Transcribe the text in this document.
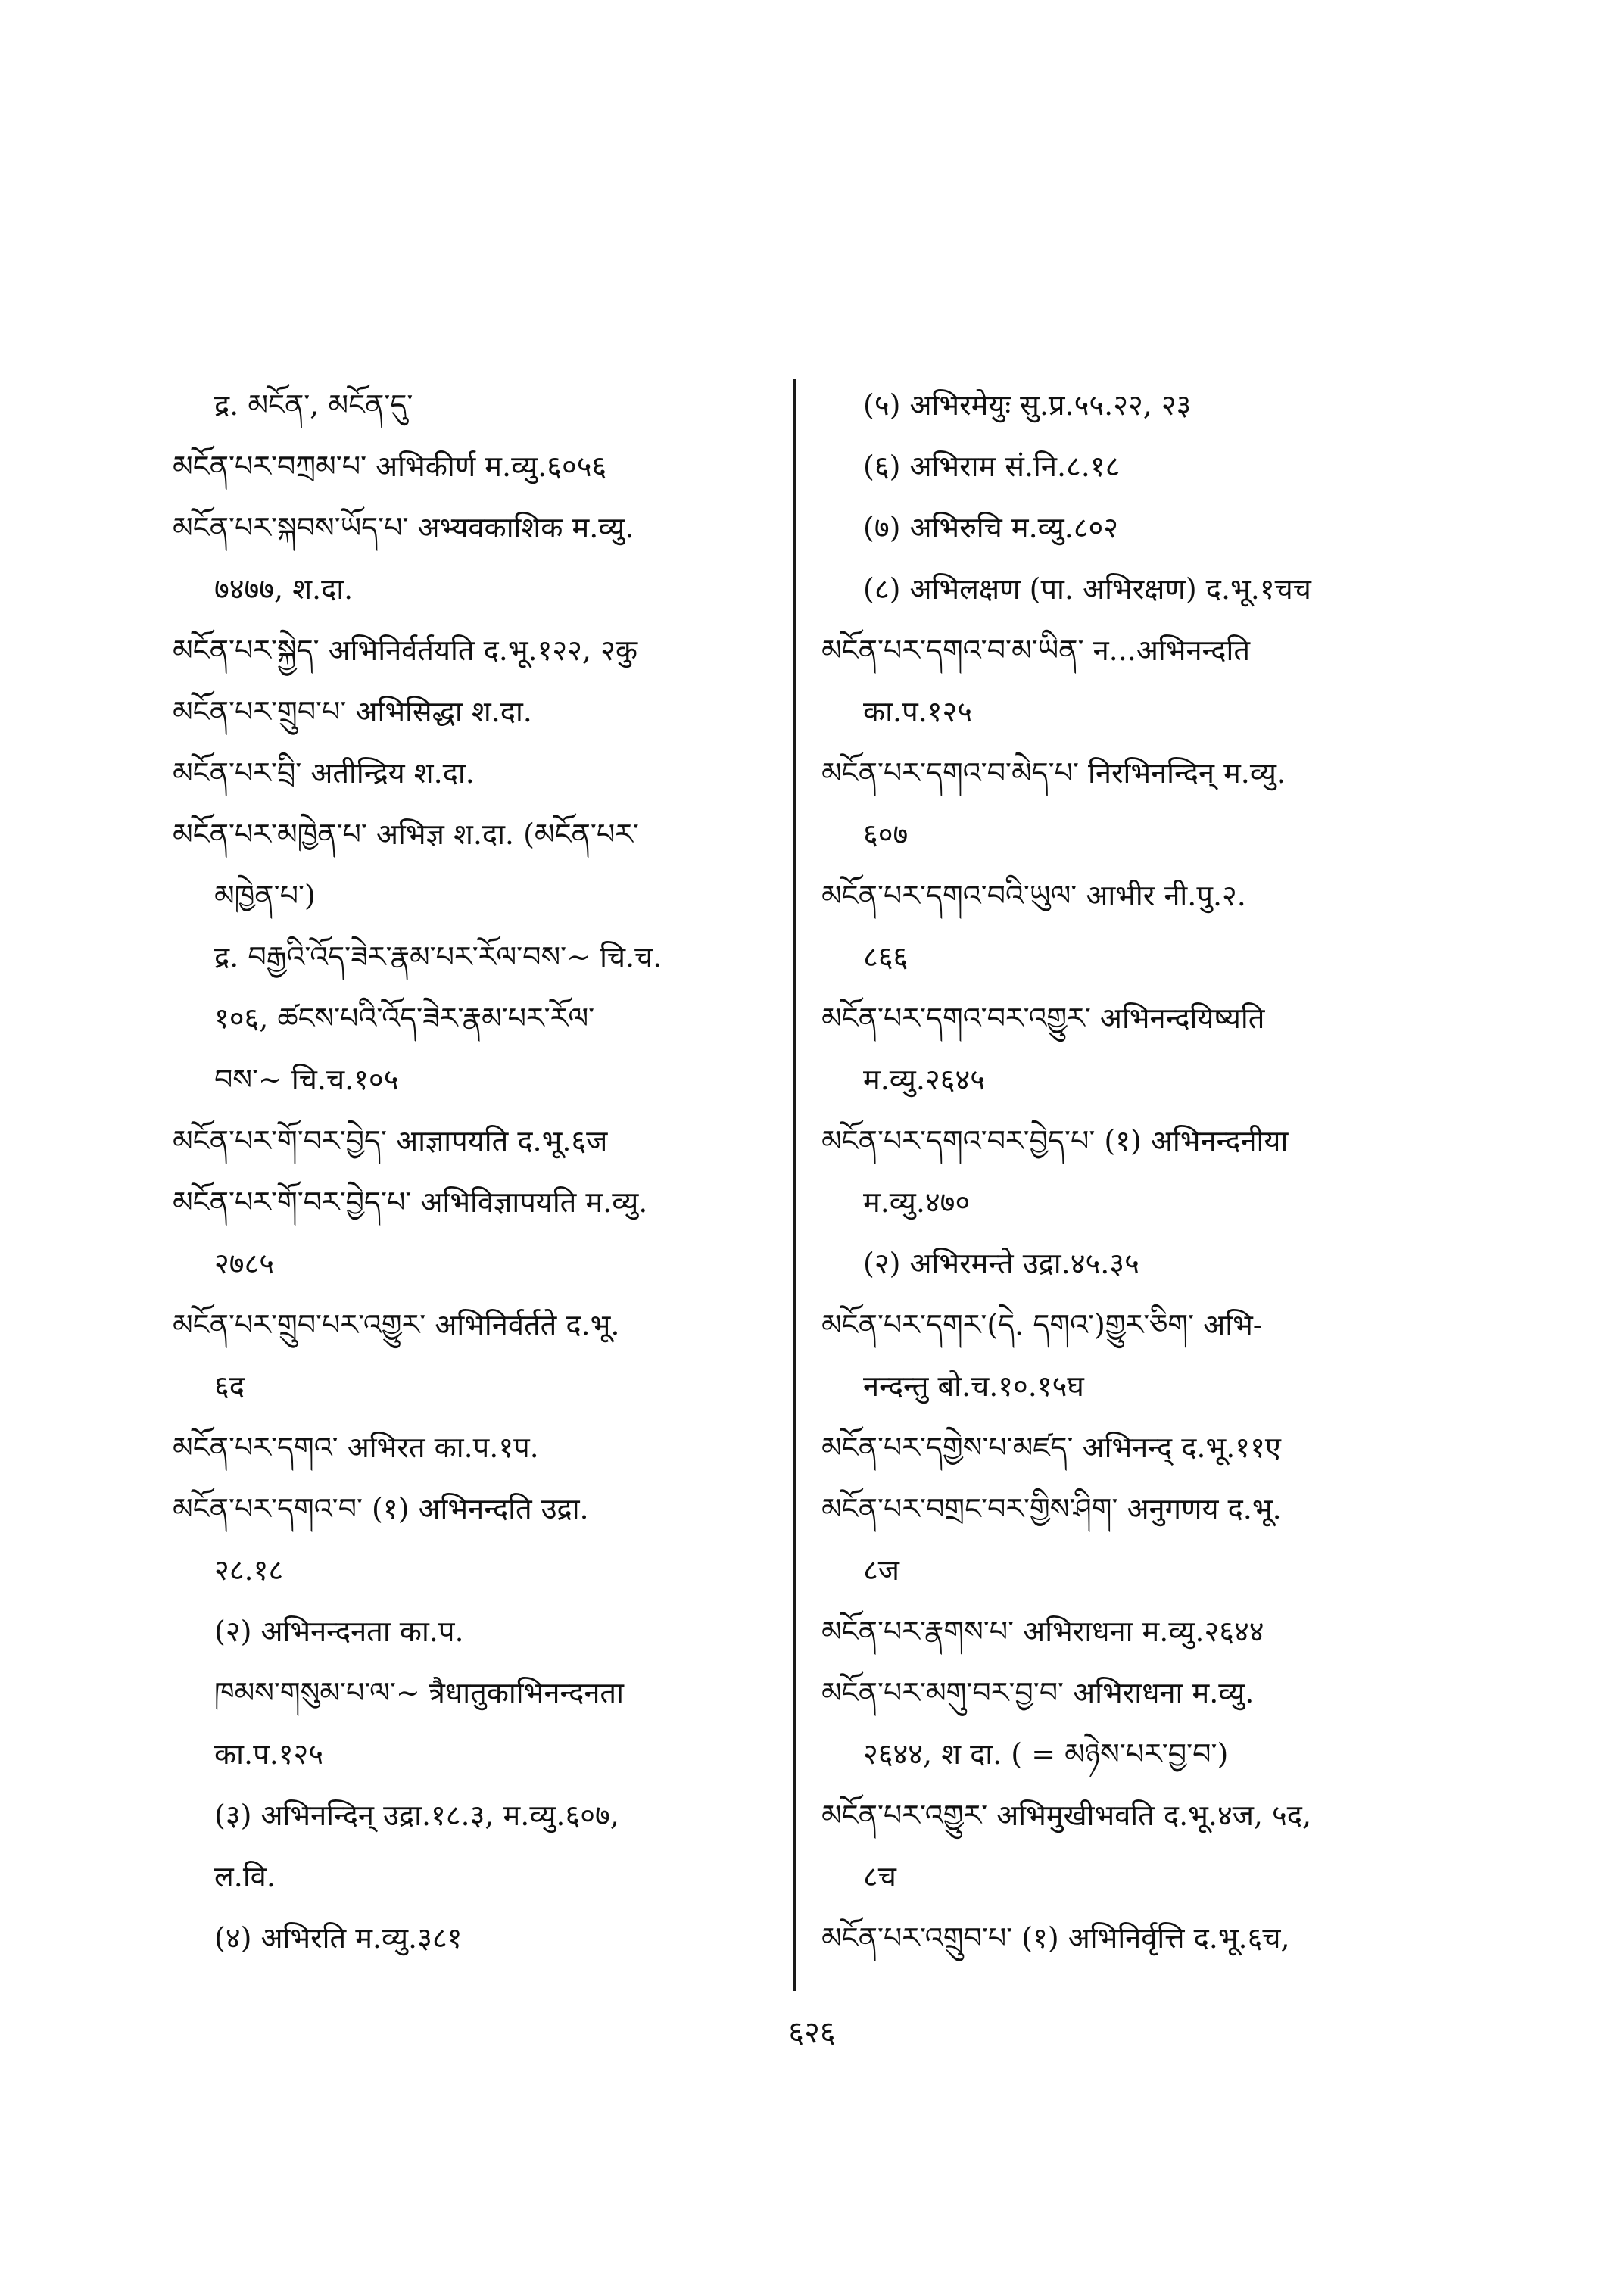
द्र. མངོན་, མངོན་དུ་
མངོན་པར་བཀྲམ་པ་ अभिकीर्ण म.व्यु.६०५६
མངོན་པར་སྐབས་ཡོད་པ་ अभ्यवकाशिक म.व्यु.
७४७७, श.दा.
མངོན་པར་སྐྱེད་ अभिनिर्वर्तयति द.भू.१२२, २कु
མངོན་པར་གྲུབ་པ་ अभिसिद्धा श.दा.
མངོན་པར་བྲི་ अतीन्द्रिय श.दा.
མངོན་པར་མཁྱེན་པ་ अभिज्ञ श.दा. (མངོན་པར་
མཁྱེན་པ་)
द्र. བརྒྱའི་འོད་ཟེར་རྣམ་པར་རོལ་བས་~ चि.च.
१०६, ཚངས་པའི་འོད་ཟེར་རྣམ་པར་རོལ་
བས་~ चि.च.१०५
མངོན་པར་གོ་བར་བྱེད་ आज्ञापयति द.भू.६ज
མངོན་པར་གོ་བར་བྱེད་པ་ अभिविज्ञापयति म.व्यु.
२७८५
མངོན་པར་གྲུབ་པར་འགྱུར་ अभिनिर्वर्तते द.भू.
६द
མངོན་པར་དགའ་ अभिरत का.प.१प.
མངོན་པར་དགའ་བ་ (१) अभिनन्दति उद्रा.
२८.१८
(२) अभिनन्दनता का.प.
ཁམས་གསུམ་པ་ལ་~ त्रैधातुकाभिनन्दनता
का.प.१२५
(३) अभिनन्दिन् उद्रा.१८.३, म.व्यु.६०७,
ल.वि.
(४) अभिरति म.व्यु.३८१
(५) अभिरमेयुः सु.प्र.५५.२२, २३
(६) अभिराम सं.नि.८.१८
(७) अभिरुचि म.व्यु.८०२
(८) अभिलक्षण (पा. अभिरक्षण) द.भू.१चच
མངོན་པར་དགའ་བ་མ་ཡིན་ न...अभिनन्दति
का.प.१२५
མངོན་པར་དགའ་བ་མེད་པ་ निरभिनन्दिन् म.व्यु.
६०७
མངོན་པར་དགའ་བའི་ཡུལ་ आभीर नी.पु.२.
८६६
མངོན་པར་དགའ་བར་འགྱུར་ अभिनन्दयिष्यति
म.व्यु.२६४५
མངོན་པར་དགའ་བར་བྱེད་པ་ (१) अभिनन्दनीया
म.व्यु.४७०
(२) अभिरमन्ते उद्रा.४५.३५
མངོན་པར་དགར་(དེ. དགའ་)གྱུར་ཅིག་ अभि-
नन्दन्तु बो.च.१०.१५घ
མངོན་པར་དགྱེས་པ་མཛད་ अभिनन्द् द.भू.११ए
མངོན་པར་བགྲང་བར་གྱིས་ཤིག་ अनुगणय द.भू.
८ज
མངོན་པར་རྣགས་པ་ अभिराधना म.व्यु.२६४४
མངོན་པར་མགུ་བར་བྱ་བ་ अभिराधना म.व्यु.
२६४४, श दा. ( = མཉེས་པར་བྱ་བ་)
མངོན་པར་འགྱུར་ अभिमुखीभवति द.भू.४ज, ५द,
८च
མངོན་པར་འགྲུབ་པ་ (१) अभिनिर्वृत्ति द.भू.६च,
६२६
